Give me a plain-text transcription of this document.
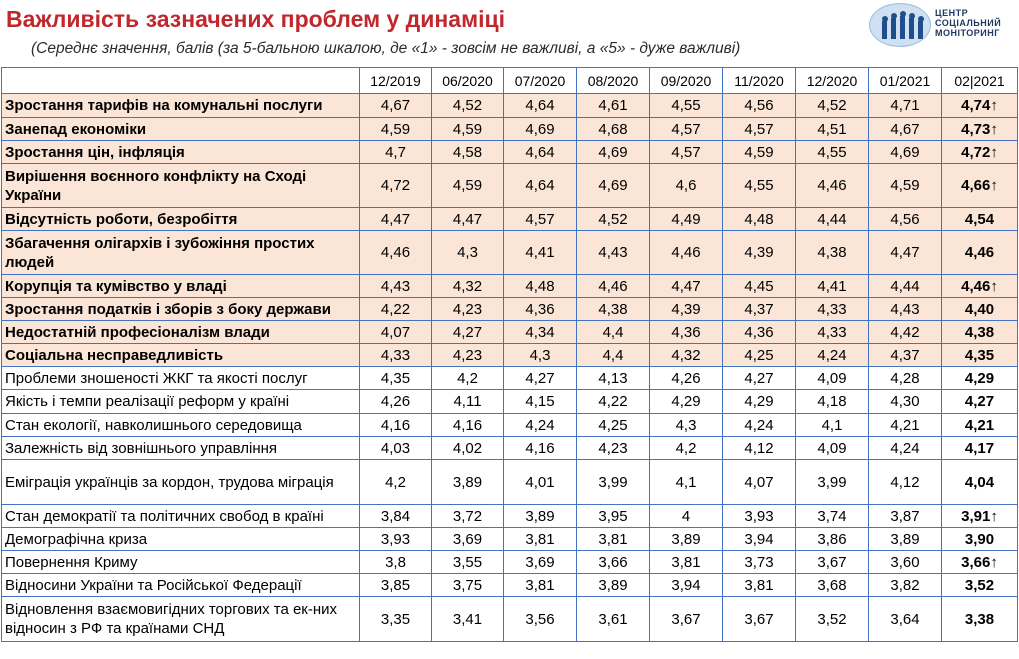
Важливість зазначених проблем у динаміці
(Середнє значення, балів (за 5-бальною шкалою, де «1» - зовсім не важливі, а «5» - дуже важливі)
ЦЕНТР
СОЦІАЛЬНИЙ
МОНІТОРИНГ
	12/2019	06/2020	07/2020	08/2020	09/2020	11/2020	12/2020	01/2021	02|2021
Зростання тарифів на комунальні послуги	4,67	4,52	4,64	4,61	4,55	4,56	4,52	4,71	4,74↑
Занепад економіки	4,59	4,59	4,69	4,68	4,57	4,57	4,51	4,67	4,73↑
Зростання цін, інфляція	4,7	4,58	4,64	4,69	4,57	4,59	4,55	4,69	4,72↑
Вирішення воєнного конфлікту на Сході України	4,72	4,59	4,64	4,69	4,6	4,55	4,46	4,59	4,66↑
Відсутність роботи, безробіття	4,47	4,47	4,57	4,52	4,49	4,48	4,44	4,56	4,54
Збагачення олігархів і зубожіння простих людей	4,46	4,3	4,41	4,43	4,46	4,39	4,38	4,47	4,46
Корупція та кумівство у владі	4,43	4,32	4,48	4,46	4,47	4,45	4,41	4,44	4,46↑
Зростання податків і зборів з боку держави	4,22	4,23	4,36	4,38	4,39	4,37	4,33	4,43	4,40
Недостатній професіоналізм влади	4,07	4,27	4,34	4,4	4,36	4,36	4,33	4,42	4,38
Соціальна несправедливість	4,33	4,23	4,3	4,4	4,32	4,25	4,24	4,37	4,35
Проблеми зношеності ЖКГ та якості послуг	4,35	4,2	4,27	4,13	4,26	4,27	4,09	4,28	4,29
Якість і темпи реалізації реформ у країні	4,26	4,11	4,15	4,22	4,29	4,29	4,18	4,30	4,27
Стан екології, навколишнього середовища	4,16	4,16	4,24	4,25	4,3	4,24	4,1	4,21	4,21
Залежність від зовнішнього управління	4,03	4,02	4,16	4,23	4,2	4,12	4,09	4,24	4,17
Еміграція українців за кордон, трудова міграція	4,2	3,89	4,01	3,99	4,1	4,07	3,99	4,12	4,04
Стан демократії та політичних свобод в країні	3,84	3,72	3,89	3,95	4	3,93	3,74	3,87	3,91↑
Демографічна криза	3,93	3,69	3,81	3,81	3,89	3,94	3,86	3,89	3,90
Повернення Криму	3,8	3,55	3,69	3,66	3,81	3,73	3,67	3,60	3,66↑
Відносини України та Російської Федерації	3,85	3,75	3,81	3,89	3,94	3,81	3,68	3,82	3,52
Відновлення взаємовигідних торгових та ек-них відносин з РФ та країнами СНД	3,35	3,41	3,56	3,61	3,67	3,67	3,52	3,64	3,38
